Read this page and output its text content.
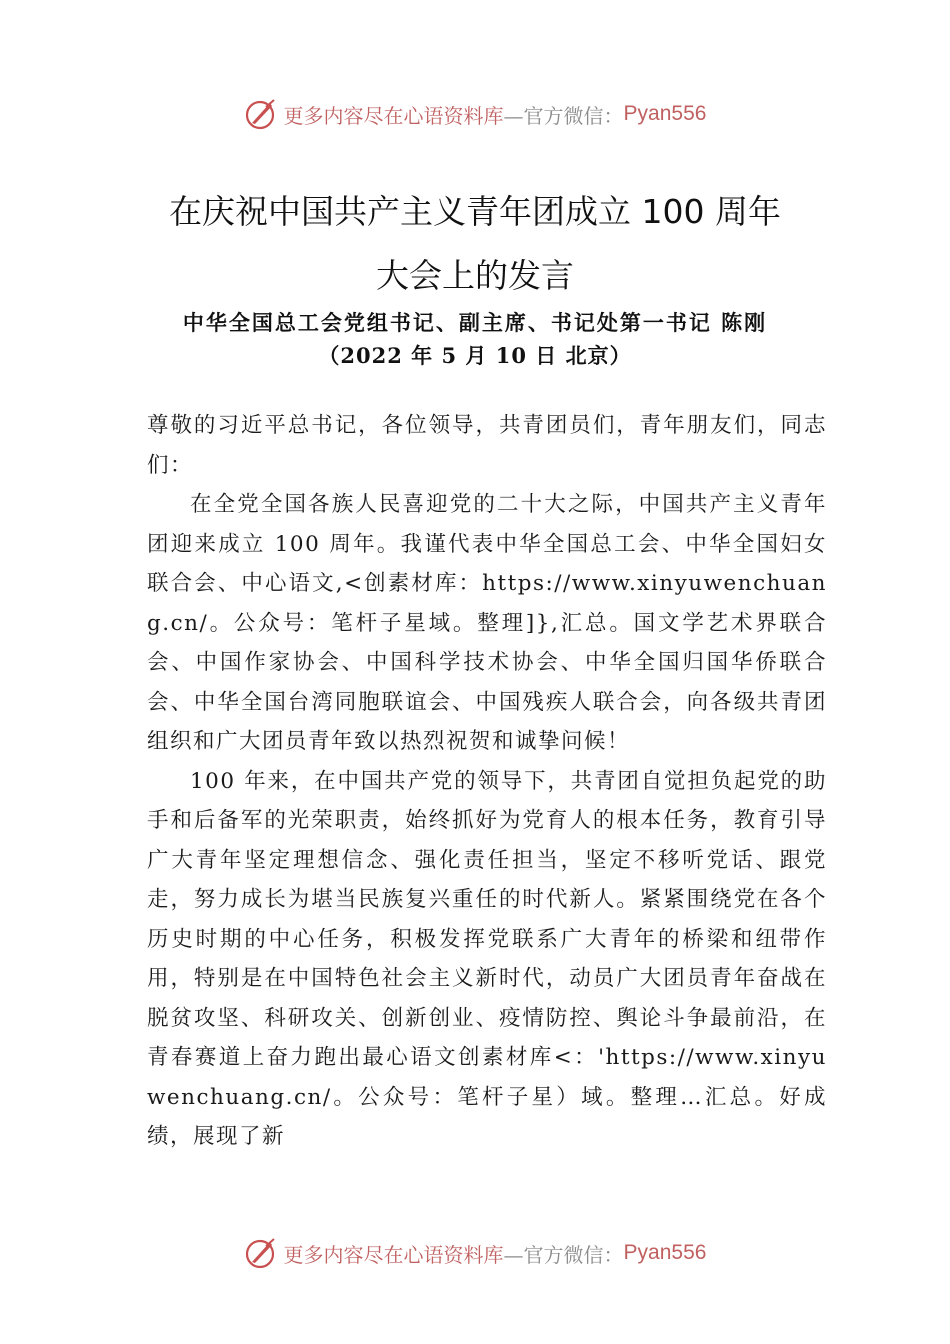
更多内容尽在心语资料库 —官方微信： Pyan556
在庆祝中国共产主义青年团成立 100 周年
大会上的发言
中华全国总工会党组书记、副主席、书记处第一书记 陈刚
（2022 年 5 月 10 日 北京）

尊敬的习近平总书记，各位领导，共青团员们，青年朋友们，同志们：

在全党全国各族人民喜迎党的二十大之际，中国共产主义青年团迎来成立 100 周年。我谨代表中华全国总工会、中华全国妇女联合会、中心语文,<创素材库：https://www.xinyuwenchuang.cn/。公众号：笔杆子星域。整理]},汇总。国文学艺术界联合会、中国作家协会、中国科学技术协会、中华全国归国华侨联合会、中华全国台湾同胞联谊会、中国残疾人联合会，向各级共青团组织和广大团员青年致以热烈祝贺和诚挚问候！

100 年来，在中国共产党的领导下，共青团自觉担负起党的助手和后备军的光荣职责，始终抓好为党育人的根本任务，教育引导广大青年坚定理想信念、强化责任担当，坚定不移听党话、跟党走，努力成长为堪当民族复兴重任的时代新人。紧紧围绕党在各个历史时期的中心任务，积极发挥党联系广大青年的桥梁和纽带作用，特别是在中国特色社会主义新时代，动员广大团员青年奋战在脱贫攻坚、科研攻关、创新创业、疫情防控、舆论斗争最前沿，在青春赛道上奋力跑出最心语文创素材库<：'https://www.xinyuwenchuang.cn/。公众号：笔杆子星）域。整理…汇总。好成绩，展现了新

更多内容尽在心语资料库 —官方微信： Pyan556
